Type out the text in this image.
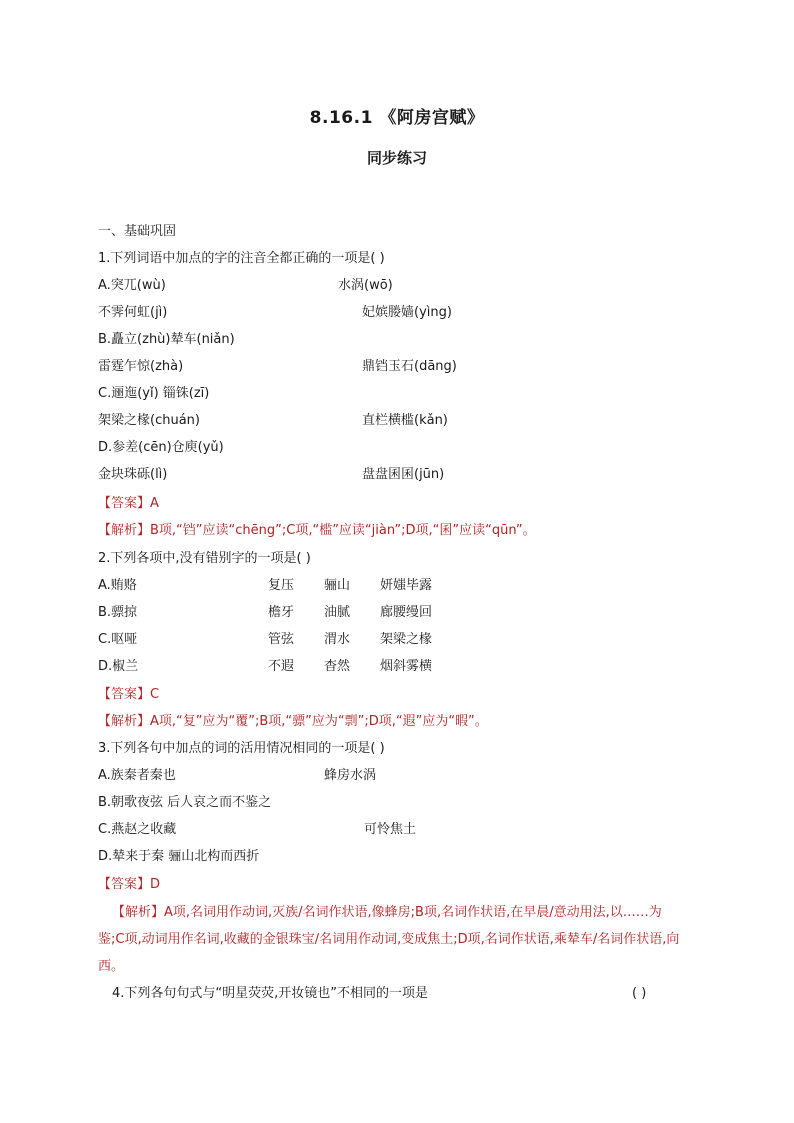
8.16.1 《阿房宫赋》
同步练习
一、基础巩固
1.下列词语中加点的字的注音全都正确的一项是( )
A.突兀(wù)	水涡(wō)
不霁何虹(jì)	妃嫔媵嫱(yìng)
B.矗立(zhù)辇车(niǎn)
雷霆乍惊(zhà)	鼎铛玉石(dāng)
C.逦迤(yǐ) 锱铢(zī)
架梁之椽(chuán)	直栏横槛(kǎn)
D.参差(cēn)仓庾(yǔ)
金块珠砾(lì)	盘盘囷囷(jūn)
【答案】A
【解析】B项,“铛”应读“chēng”;C项,“槛”应读“jiàn”;D项,“囷”应读“qūn”。
2.下列各项中,没有错别字的一项是( )
A.贿赂	复压 骊山 妍媸毕露
B.骠掠	檐牙 油腻 廊腰缦回
C.呕哑	管弦 渭水 架梁之椽
D.椒兰	不遐 杳然 烟斜雾横
【答案】C
【解析】A项,“复”应为“覆”;B项,“骠”应为“剽”;D项,“遐”应为“暇”。
3.下列各句中加点的词的活用情况相同的一项是( )
A.族秦者秦也	蜂房水涡
B.朝歌夜弦 后人哀之而不鉴之
C.燕赵之收藏	可怜焦土
D.辇来于秦 骊山北构而西折
【答案】D
【解析】A项,名词用作动词,灭族/名词作状语,像蜂房;B项,名词作状语,在早晨/意动用法,以……为
鉴;C项,动词用作名词,收藏的金银珠宝/名词用作动词,变成焦土;D项,名词作状语,乘辇车/名词作状语,向
西。
4.下列各句句式与“明星荧荧,开妆镜也”不相同的一项是	( )
